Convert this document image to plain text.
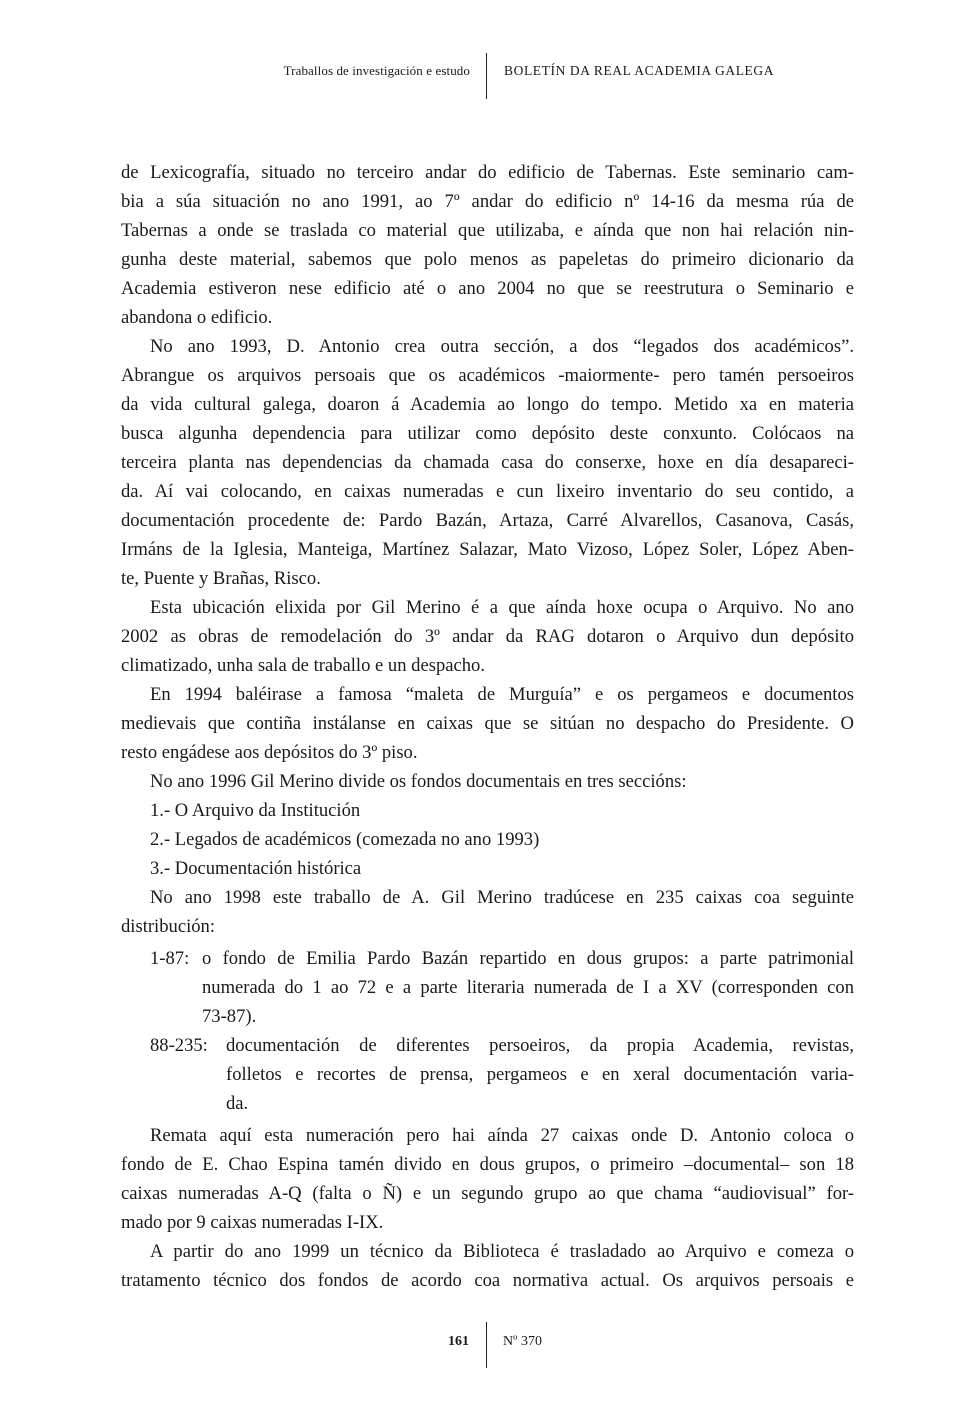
Traballos de investigación e estudo	BOLETÍN DA REAL ACADEMIA GALEGA
de Lexicografía, situado no terceiro andar do edificio de Tabernas. Este seminario cam-
bia a súa situación no ano 1991, ao 7º andar do edificio nº 14-16 da mesma rúa de
Tabernas a onde se traslada co material que utilizaba, e aínda que non hai relación nin-
gunha deste material, sabemos que polo menos as papeletas do primeiro dicionario da
Academia estiveron nese edificio até o ano 2004 no que se reestrutura o Seminario e
abandona o edificio.
No ano 1993, D. Antonio crea outra sección, a dos “legados dos académicos”.
Abrangue os arquivos persoais que os académicos -maiormente- pero tamén persoeiros
da vida cultural galega, doaron á Academia ao longo do tempo. Metido xa en materia
busca algunha dependencia para utilizar como depósito deste conxunto. Colócaos na
terceira planta nas dependencias da chamada casa do conserxe, hoxe en día desapareci-
da. Aí vai colocando, en caixas numeradas e cun lixeiro inventario do seu contido, a
documentación procedente de: Pardo Bazán, Artaza, Carré Alvarellos, Casanova, Casás,
Irmáns de la Iglesia, Manteiga, Martínez Salazar, Mato Vizoso, López Soler, López Aben-
te, Puente y Brañas, Risco.
Esta ubicación elixida por Gil Merino é a que aínda hoxe ocupa o Arquivo. No ano
2002 as obras de remodelación do 3º andar da RAG dotaron o Arquivo dun depósito
climatizado, unha sala de traballo e un despacho.
En 1994 baléirase a famosa “maleta de Murguía” e os pergameos e documentos
medievais que contiña instálanse en caixas que se sitúan no despacho do Presidente. O
resto engádese aos depósitos do 3º piso.
No ano 1996 Gil Merino divide os fondos documentais en tres seccións:
1.- O Arquivo da Institución
2.- Legados de académicos (comezada no ano 1993)
3.- Documentación histórica
No ano 1998 este traballo de A. Gil Merino tradúcese en 235 caixas coa seguinte
distribución:
1-87: o fondo de Emilia Pardo Bazán repartido en dous grupos: a parte patrimonial
numerada do 1 ao 72 e a parte literaria numerada de I a XV (corresponden con
73-87).
88-235: documentación de diferentes persoeiros, da propia Academia, revistas,
folletos e recortes de prensa, pergameos e en xeral documentación varia-
da.
Remata aquí esta numeración pero hai aínda 27 caixas onde D. Antonio coloca o
fondo de E. Chao Espina tamén divido en dous grupos, o primeiro –documental– son 18
caixas numeradas A-Q (falta o Ñ) e un segundo grupo ao que chama “audiovisual” for-
mado por 9 caixas numeradas I-IX.
A partir do ano 1999 un técnico da Biblioteca é trasladado ao Arquivo e comeza o
tratamento técnico dos fondos de acordo coa normativa actual. Os arquivos persoais e
161 Nº 370
